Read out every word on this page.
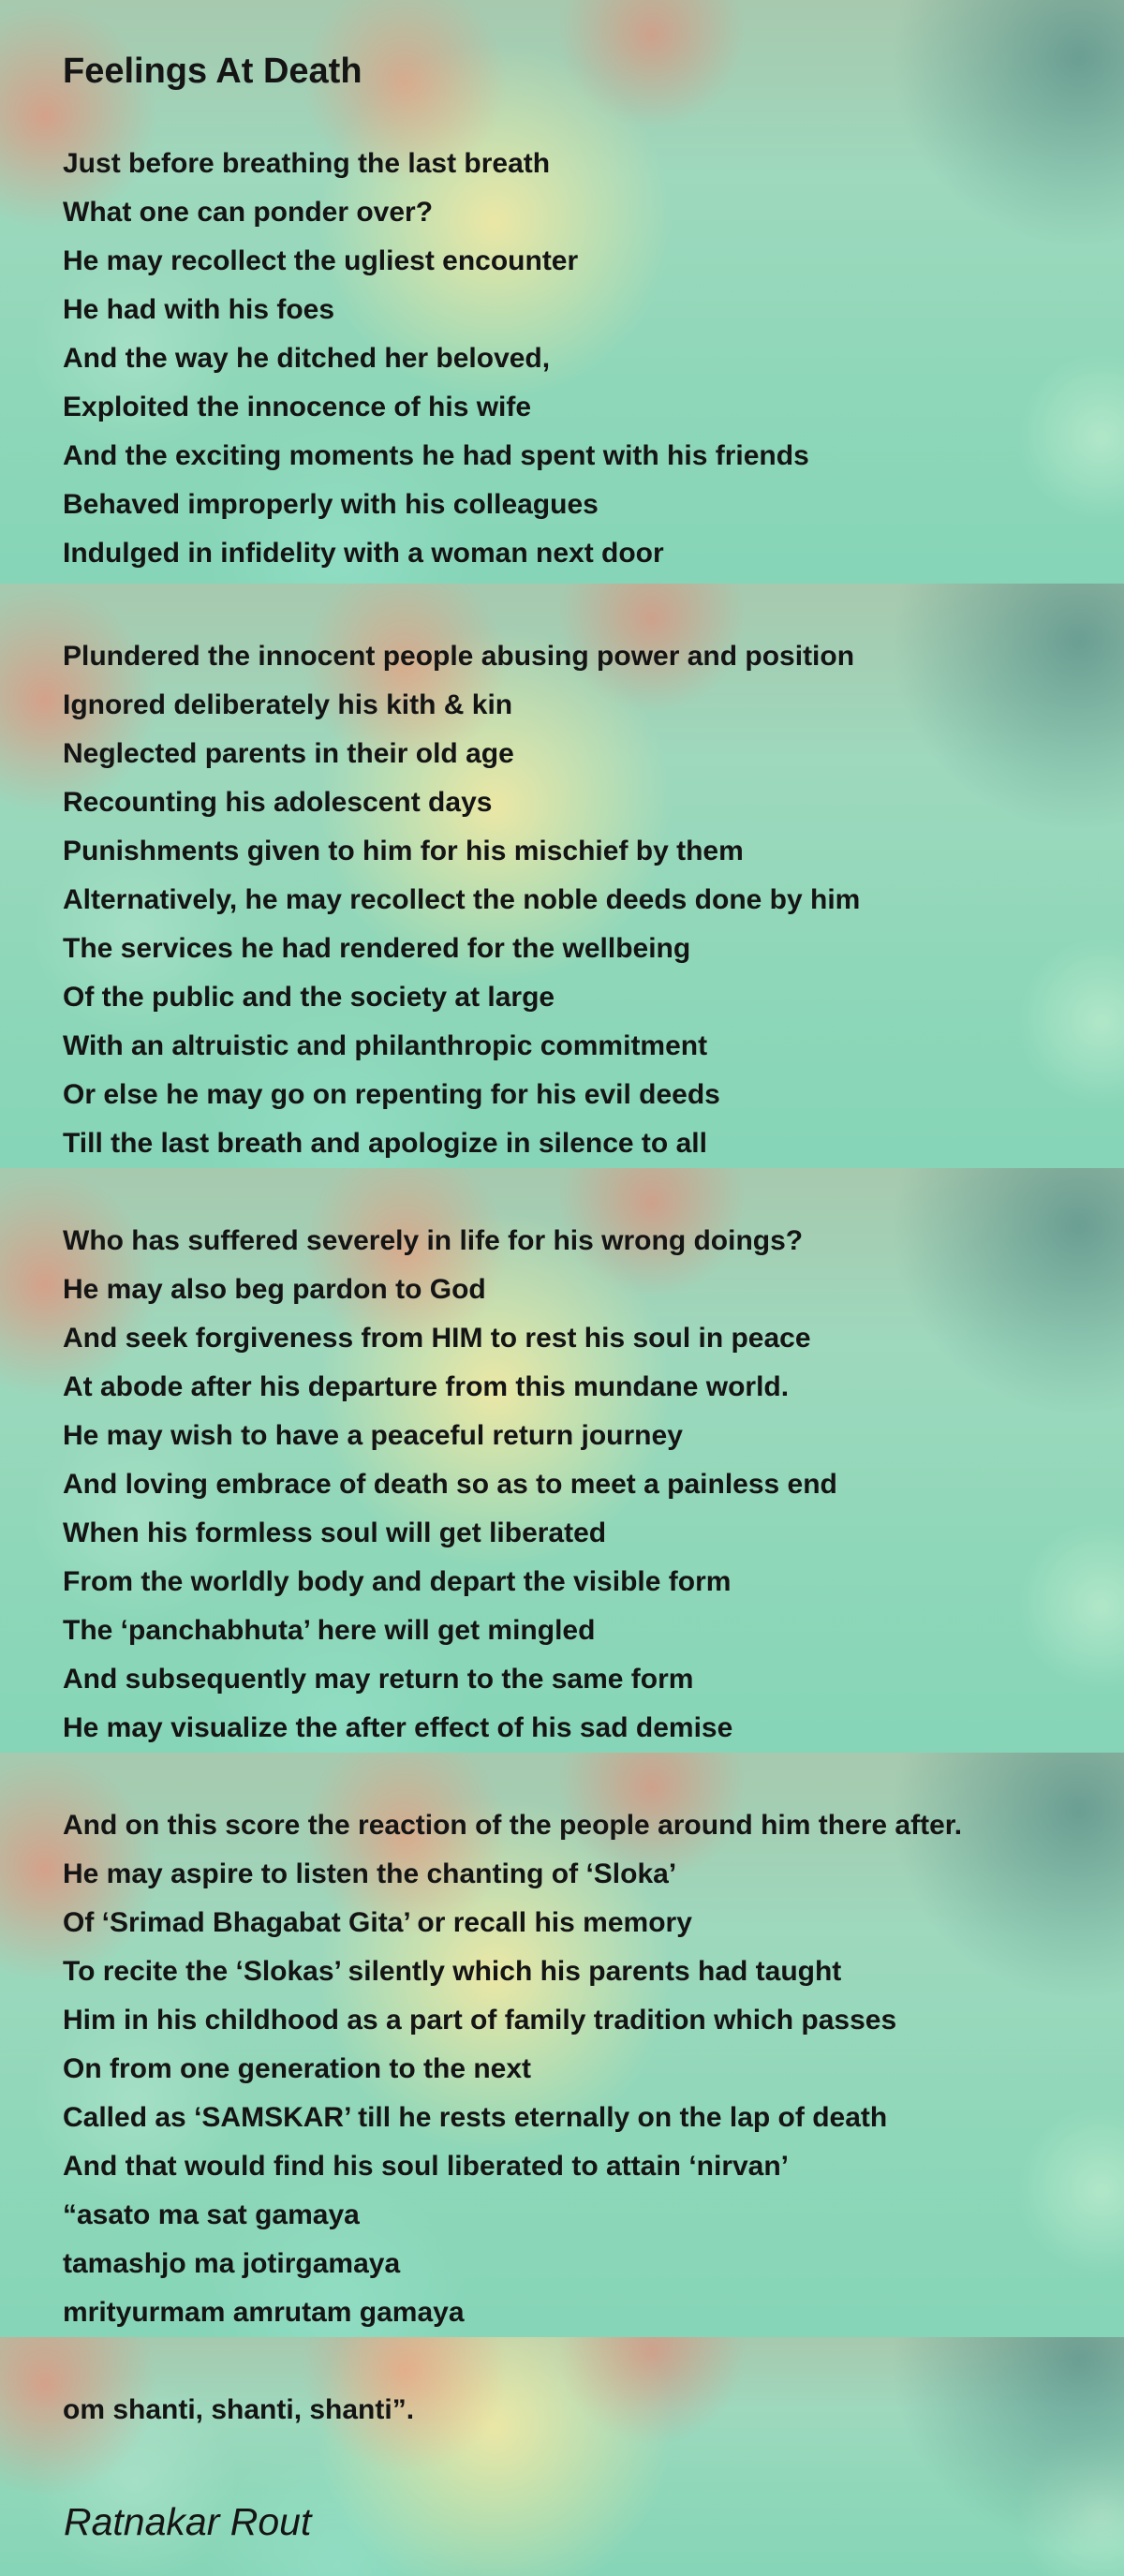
Feelings At Death
Just before breathing the last breath
What one can ponder over?
He may recollect the ugliest encounter
He had with his foes
And the way he ditched her beloved,
Exploited the innocence of his wife
And the exciting moments he had spent with his friends
Behaved improperly with his colleagues
Indulged in infidelity with a woman next door
Plundered the innocent people abusing power and position
Ignored deliberately his kith & kin
Neglected parents in their old age
Recounting his adolescent days
Punishments given to him for his mischief by them
Alternatively, he may recollect the noble deeds done by him
The services he had rendered for the wellbeing
Of the public and the society at large
With an altruistic and philanthropic commitment
Or else he may go on repenting for his evil deeds
Till the last breath and apologize in silence to all
Who has suffered severely in life for his wrong doings?
He may also beg pardon to God
And seek forgiveness from HIM to rest his soul in peace
At abode after his departure from this mundane world.
He may wish to have a peaceful return journey
And loving embrace of death so as to meet a painless end
When his formless soul will get liberated
From the worldly body and depart the visible form
The ‘panchabhuta’ here will get mingled
And subsequently may return to the same form
He may visualize the after effect of his sad demise
And on this score the reaction of the people around him there after.
He may aspire to listen the chanting of ‘Sloka’
Of ‘Srimad Bhagabat Gita’ or recall his memory
To recite the ‘Slokas’ silently which his parents had taught
Him in his childhood as a part of family tradition which passes
On from one generation to the next
Called as ‘SAMSKAR’ till he rests eternally on the lap of death
And that would find his soul liberated to attain ‘nirvan’
“asato ma sat gamaya
tamashjo ma jotirgamaya
mrityurmam amrutam gamaya
om shanti, shanti, shanti”.
Ratnakar Rout
